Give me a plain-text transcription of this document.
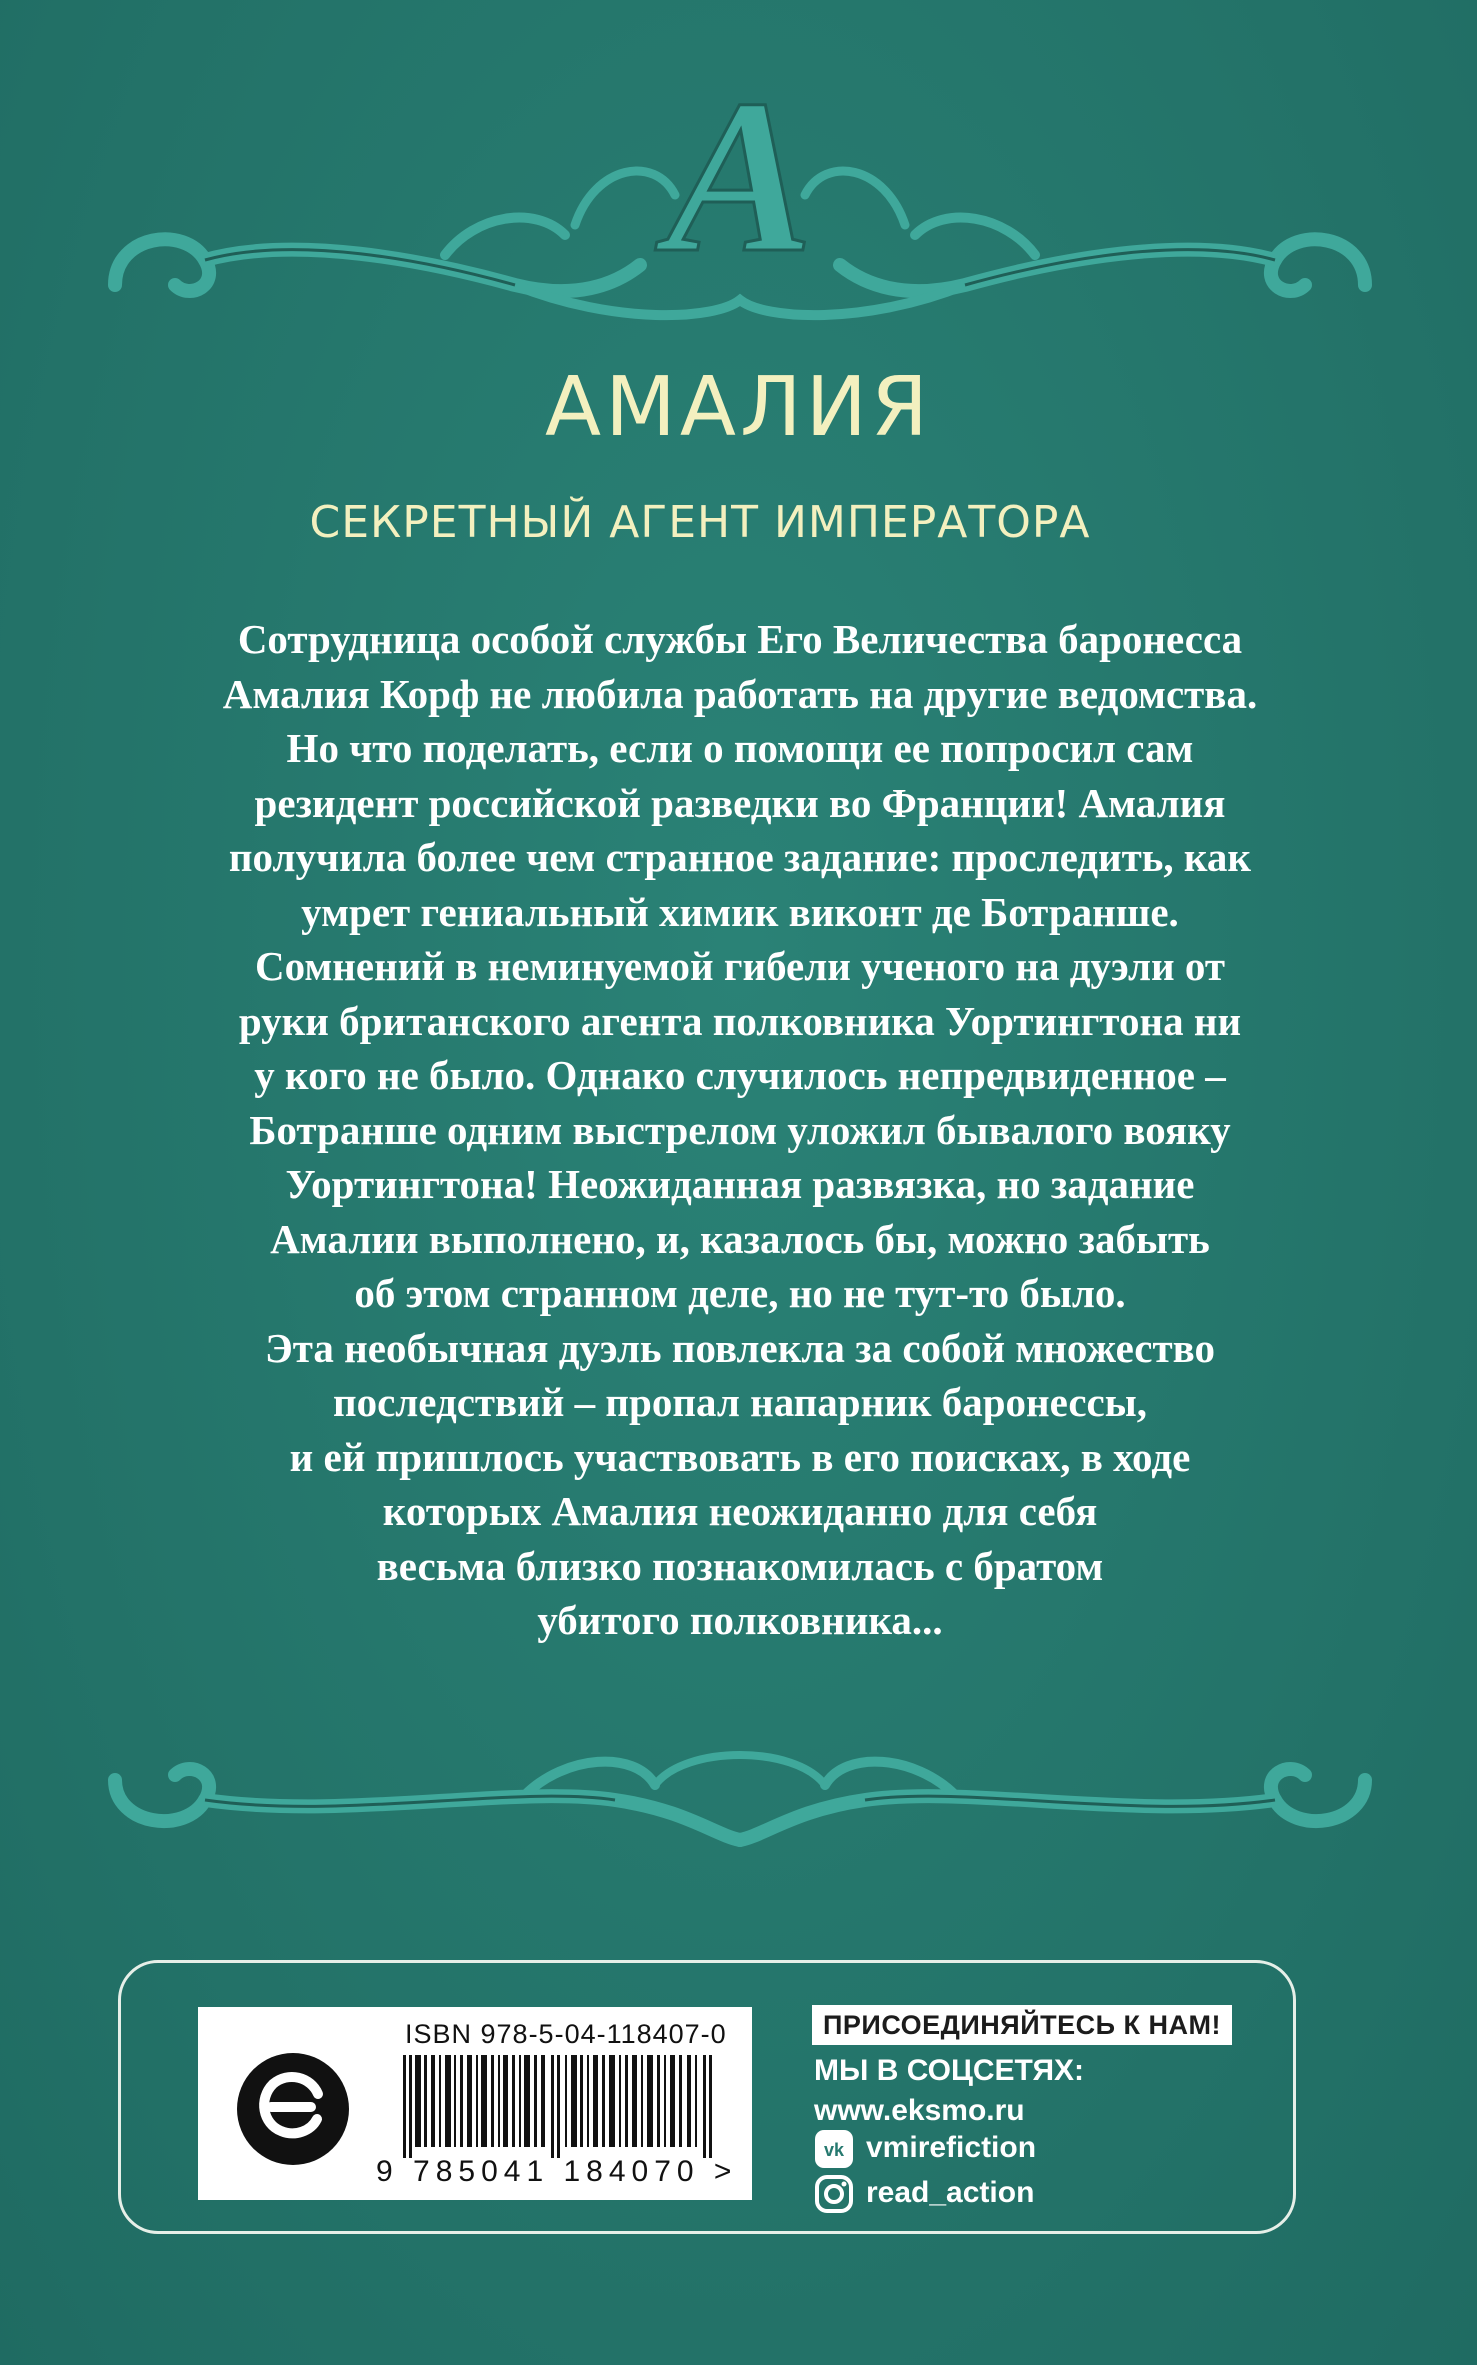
A
АМАЛИЯ
СЕКРЕТНЫЙ АГЕНТ ИМПЕРАТОРА
Сотрудница особой службы Его Величества баронесса
Амалия Корф не любила работать на другие ведомства.
Но что поделать, если о помощи ее попросил сам
резидент российской разведки во Франции! Амалия
получила более чем странное задание: проследить, как
умрет гениальный химик виконт де Ботранше.
Сомнений в неминуемой гибели ученого на дуэли от
руки британского агента полковника Уортингтона ни
у кого не было. Однако случилось непредвиденное –
Ботранше одним выстрелом уложил бывалого вояку
Уортингтона! Неожиданная развязка, но задание
Амалии выполнено, и, казалось бы, можно забыть
об этом странном деле, но не тут-то было.
Эта необычная дуэль повлекла за собой множество
последствий – пропал напарник баронессы,
и ей пришлось участвовать в его поисках, в ходе
которых Амалия неожиданно для себя
весьма близко познакомилась с братом
убитого полковника...
ISBN 978-5-04-118407-0
9 785041 184070 >
ПРИСОЕДИНЯЙТЕСЬ К НАМ!
МЫ В СОЦСЕТЯХ:
www.eksmo.ru
vk vmirefiction
read_action
